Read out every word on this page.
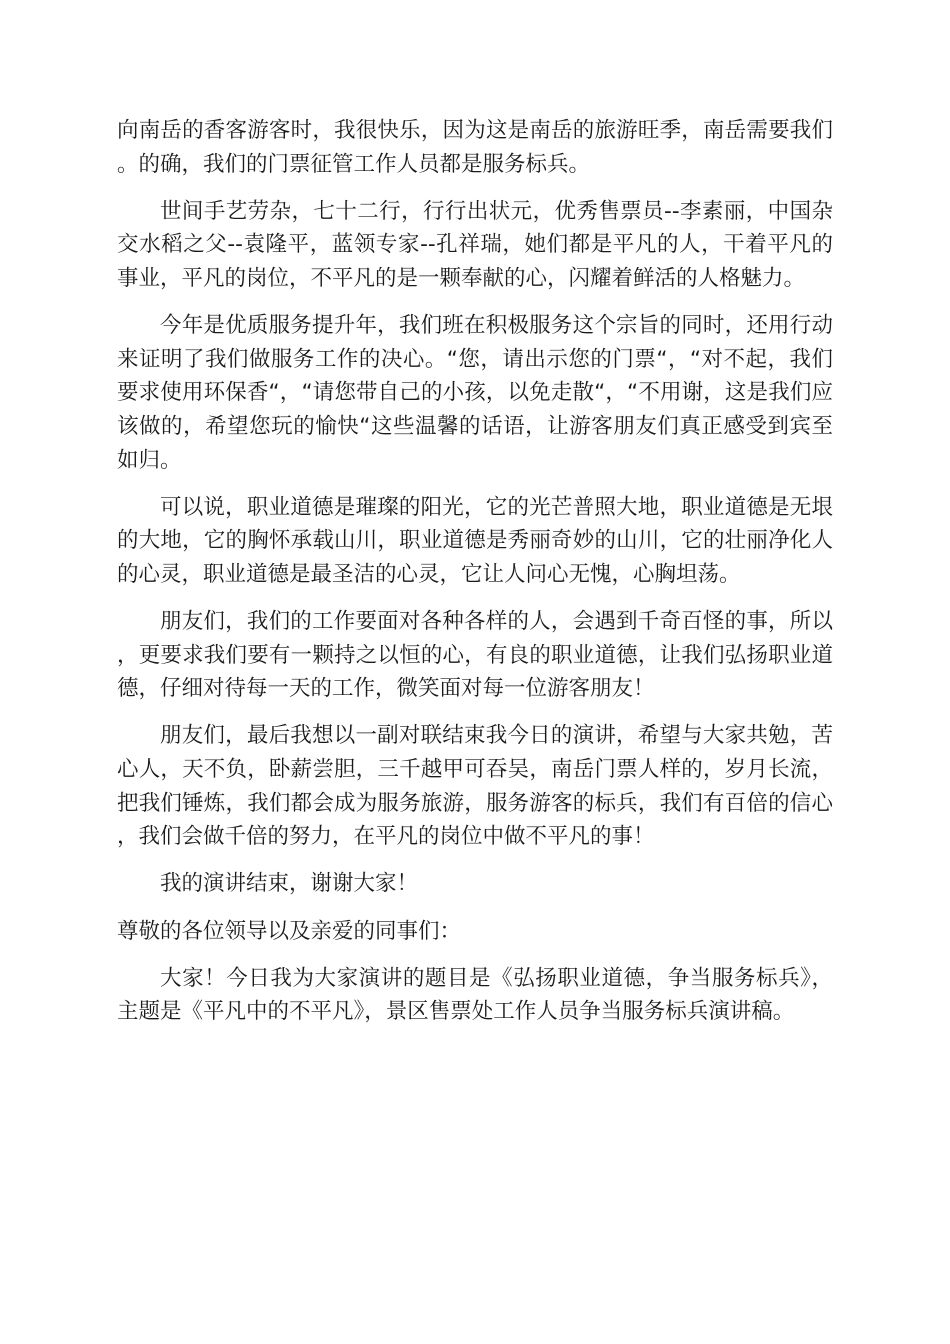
向南岳的香客游客时，我很快乐，因为这是南岳的旅游旺季，南岳需要我们。的确，我们的门票征管工作人员都是服务标兵。

世间手艺劳杂，七十二行，行行出状元，优秀售票员--李素丽，中国杂交水稻之父--袁隆平，蓝领专家--孔祥瑞，她们都是平凡的人，干着平凡的事业，平凡的岗位，不平凡的是一颗奉献的心，闪耀着鲜活的人格魅力。

今年是优质服务提升年，我们班在积极服务这个宗旨的同时，还用行动来证明了我们做服务工作的决心。“您，请出示您的门票“，“对不起，我们要求使用环保香“，“请您带自己的小孩，以免走散“，“不用谢，这是我们应该做的，希望您玩的愉快“这些温馨的话语，让游客朋友们真正感受到宾至如归。

可以说，职业道德是璀璨的阳光，它的光芒普照大地，职业道德是无垠的大地，它的胸怀承载山川，职业道德是秀丽奇妙的山川，它的壮丽净化人的心灵，职业道德是最圣洁的心灵，它让人问心无愧，心胸坦荡。

朋友们，我们的工作要面对各种各样的人，会遇到千奇百怪的事，所以，更要求我们要有一颗持之以恒的心，有良的职业道德，让我们弘扬职业道德，仔细对待每一天的工作，微笑面对每一位游客朋友！

朋友们，最后我想以一副对联结束我今日的演讲，希望与大家共勉，苦心人，天不负，卧薪尝胆，三千越甲可吞吴，南岳门票人样的，岁月长流，把我们锤炼，我们都会成为服务旅游，服务游客的标兵，我们有百倍的信心，我们会做千倍的努力，在平凡的岗位中做不平凡的事！

我的演讲结束，谢谢大家！

尊敬的各位领导以及亲爱的同事们：

大家！今日我为大家演讲的题目是《弘扬职业道德，争当服务标兵》，主题是《平凡中的不平凡》，景区售票处工作人员争当服务标兵演讲稿。
